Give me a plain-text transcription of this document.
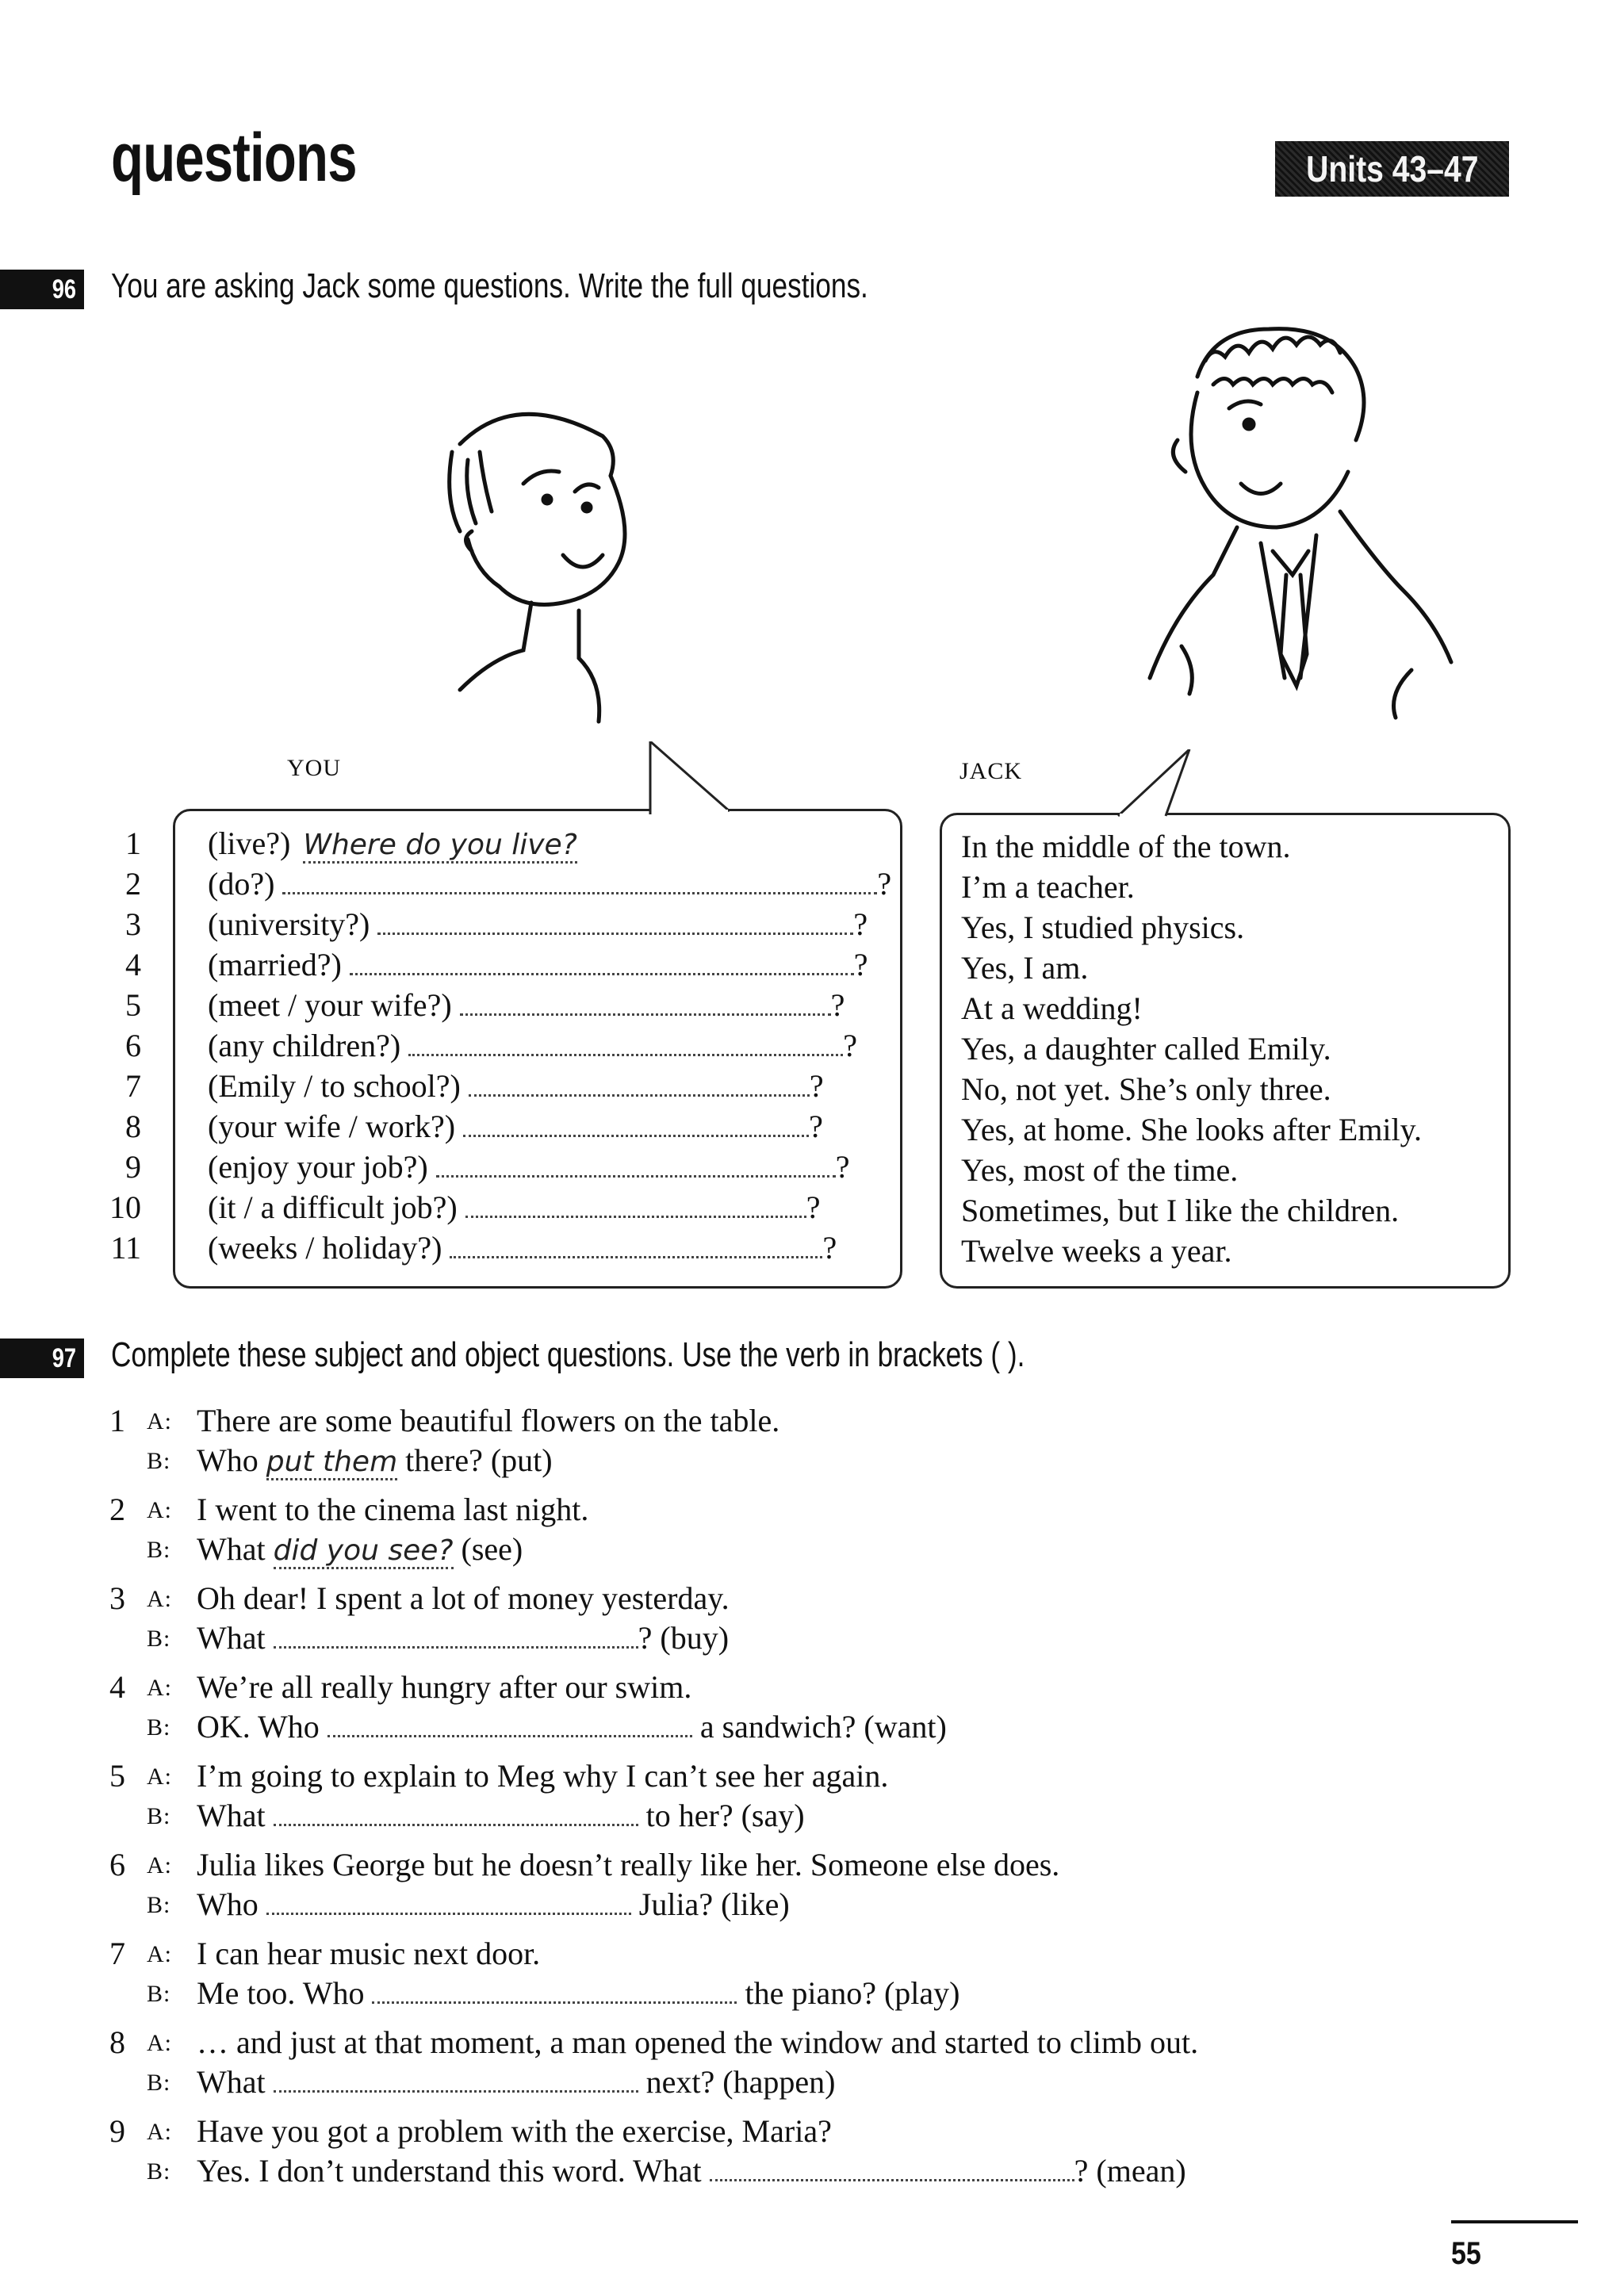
questions	Units 43–47
96 You are asking Jack some questions. Write the full questions.
YOU	JACK
1 (live?) Where do you live?
2 (do?)	?
3 (university?)	?
4 (married?)	?
5 (meet / your wife?)	?
6 (any children?)	?
7 (Emily / to school?)	?
8 (your wife / work?)	?
9 (enjoy your job?)	?
10 (it / a difficult job?)	?
11 (weeks / holiday?)	?
In the middle of the town.
I’m a teacher.
Yes, I studied physics.
Yes, I am.
At a wedding!
Yes, a daughter called Emily.
No, not yet. She’s only three.
Yes, at home. She looks after Emily.
Yes, most of the time.
Sometimes, but I like the children.
Twelve weeks a year.
97 Complete these subject and object questions. Use the verb in brackets ( ).
1 A: There are some beautiful flowers on the table.
B: Who put them there? (put)
2 A: I went to the cinema last night.
B: What did you see? (see)
3 A: Oh dear! I spent a lot of money yesterday.
B: What	? (buy)
4 A: We’re all really hungry after our swim.
B: OK. Who	a sandwich? (want)
5 A: I’m going to explain to Meg why I can’t see her again.
B: What	to her? (say)
6 A: Julia likes George but he doesn’t really like her. Someone else does.
B: Who	Julia? (like)
7 A: I can hear music next door.
B: Me too. Who	the piano? (play)
8 A: … and just at that moment, a man opened the window and started to climb out.
B: What	next? (happen)
9 A: Have you got a problem with the exercise, Maria?
B: Yes. I don’t understand this word. What	? (mean)
55
